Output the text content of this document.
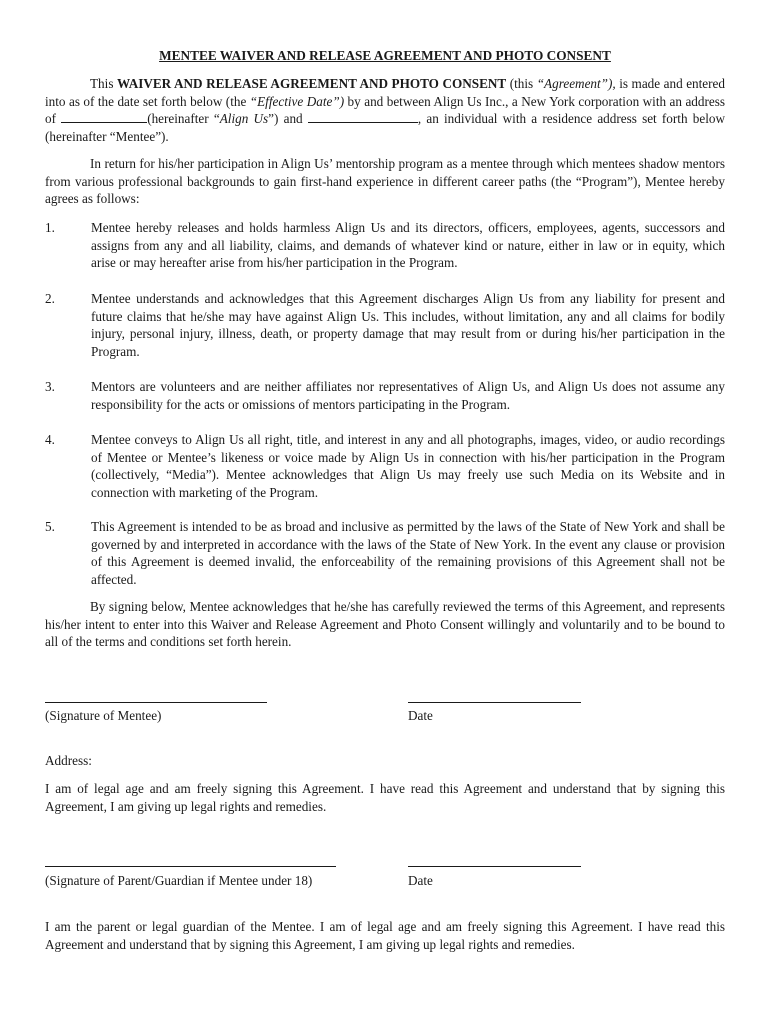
MENTEE WAIVER AND RELEASE AGREEMENT AND PHOTO CONSENT

This WAIVER AND RELEASE AGREEMENT AND PHOTO CONSENT (this “Agreement”), is made and entered into as of the date set forth below (the “Effective Date”) by and between Align Us Inc., a New York corporation with an address of	(hereinafter “Align Us”) and	, an individual with a residence address set forth below (hereinafter “Mentee”).

In return for his/her participation in Align Us’ mentorship program as a mentee through which mentees shadow mentors from various professional backgrounds to gain first-hand experience in different career paths (the “Program”), Mentee hereby agrees as follows:

1.	Mentee hereby releases and holds harmless Align Us and its directors, officers, employees, agents, successors and assigns from any and all liability, claims, and demands of whatever kind or nature, either in law or in equity, which arise or may hereafter arise from his/her participation in the Program.
2.	Mentee understands and acknowledges that this Agreement discharges Align Us from any liability for present and future claims that he/she may have against Align Us. This includes, without limitation, any and all claims for bodily injury, personal injury, illness, death, or property damage that may result from or during his/her participation in the Program.
3.	Mentors are volunteers and are neither affiliates nor representatives of Align Us, and Align Us does not assume any responsibility for the acts or omissions of mentors participating in the Program.
4.	Mentee conveys to Align Us all right, title, and interest in any and all photographs, images, video, or audio recordings of Mentee or Mentee’s likeness or voice made by Align Us in connection with his/her participation in the Program (collectively, “Media”). Mentee acknowledges that Align Us may freely use such Media on its Website and in connection with marketing of the Program.
5.	This Agreement is intended to be as broad and inclusive as permitted by the laws of the State of New York and shall be governed by and interpreted in accordance with the laws of the State of New York. In the event any clause or provision of this Agreement is deemed invalid, the enforceability of the remaining provisions of this Agreement shall not be affected.

By signing below, Mentee acknowledges that he/she has carefully reviewed the terms of this Agreement, and represents his/her intent to enter into this Waiver and Release Agreement and Photo Consent willingly and voluntarily and to be bound to all of the terms and conditions set forth herein.

(Signature of Mentee)	Date
Address:

I am of legal age and am freely signing this Agreement. I have read this Agreement and understand that by signing this Agreement, I am giving up legal rights and remedies.

(Signature of Parent/Guardian if Mentee under 18)	Date

I am the parent or legal guardian of the Mentee. I am of legal age and am freely signing this Agreement. I have read this Agreement and understand that by signing this Agreement, I am giving up legal rights and remedies.
